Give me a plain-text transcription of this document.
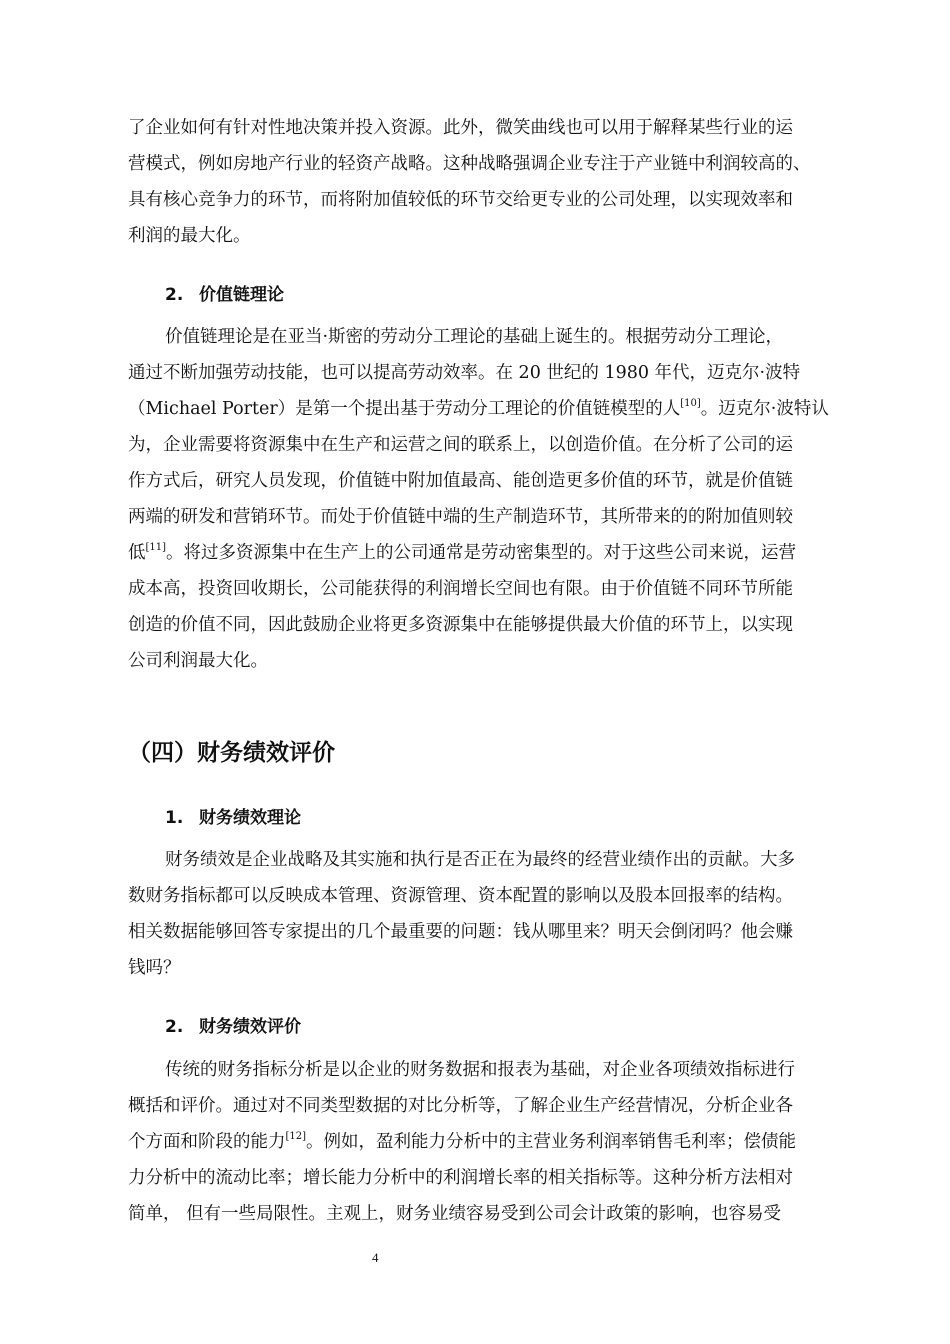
了企业如何有针对性地决策并投入资源。此外，微笑曲线也可以用于解释某些行业的运
营模式，例如房地产行业的轻资产战略。这种战略强调企业专注于产业链中利润较高的、
具有核心竞争力的环节，而将附加值较低的环节交给更专业的公司处理，以实现效率和
利润的最大化。
2. 价值链理论
价值链理论是在亚当·斯密的劳动分工理论的基础上诞生的。根据劳动分工理论，
通过不断加强劳动技能，也可以提高劳动效率。在 20 世纪的 1980 年代，迈克尔·波特
（Michael Porter）是第一个提出基于劳动分工理论的价值链模型的人[10]。迈克尔·波特认
为，企业需要将资源集中在生产和运营之间的联系上，以创造价值。在分析了公司的运
作方式后，研究人员发现，价值链中附加值最高、能创造更多价值的环节，就是价值链
两端的研发和营销环节。而处于价值链中端的生产制造环节，其所带来的的附加值则较
低[11]。将过多资源集中在生产上的公司通常是劳动密集型的。对于这些公司来说，运营
成本高，投资回收期长，公司能获得的利润增长空间也有限。由于价值链不同环节所能
创造的价值不同，因此鼓励企业将更多资源集中在能够提供最大价值的环节上，以实现
公司利润最大化。
（四）财务绩效评价
1. 财务绩效理论
财务绩效是企业战略及其实施和执行是否正在为最终的经营业绩作出的贡献。大多
数财务指标都可以反映成本管理、资源管理、资本配置的影响以及股本回报率的结构。
相关数据能够回答专家提出的几个最重要的问题：钱从哪里来？明天会倒闭吗？他会赚
钱吗？
2. 财务绩效评价
传统的财务指标分析是以企业的财务数据和报表为基础，对企业各项绩效指标进行
概括和评价。通过对不同类型数据的对比分析等，了解企业生产经营情况，分析企业各
个方面和阶段的能力[12]。例如，盈利能力分析中的主营业务利润率销售毛利率；偿债能
力分析中的流动比率；增长能力分析中的利润增长率的相关指标等。这种分析方法相对
简单， 但有一些局限性。主观上，财务业绩容易受到公司会计政策的影响，也容易受
4
